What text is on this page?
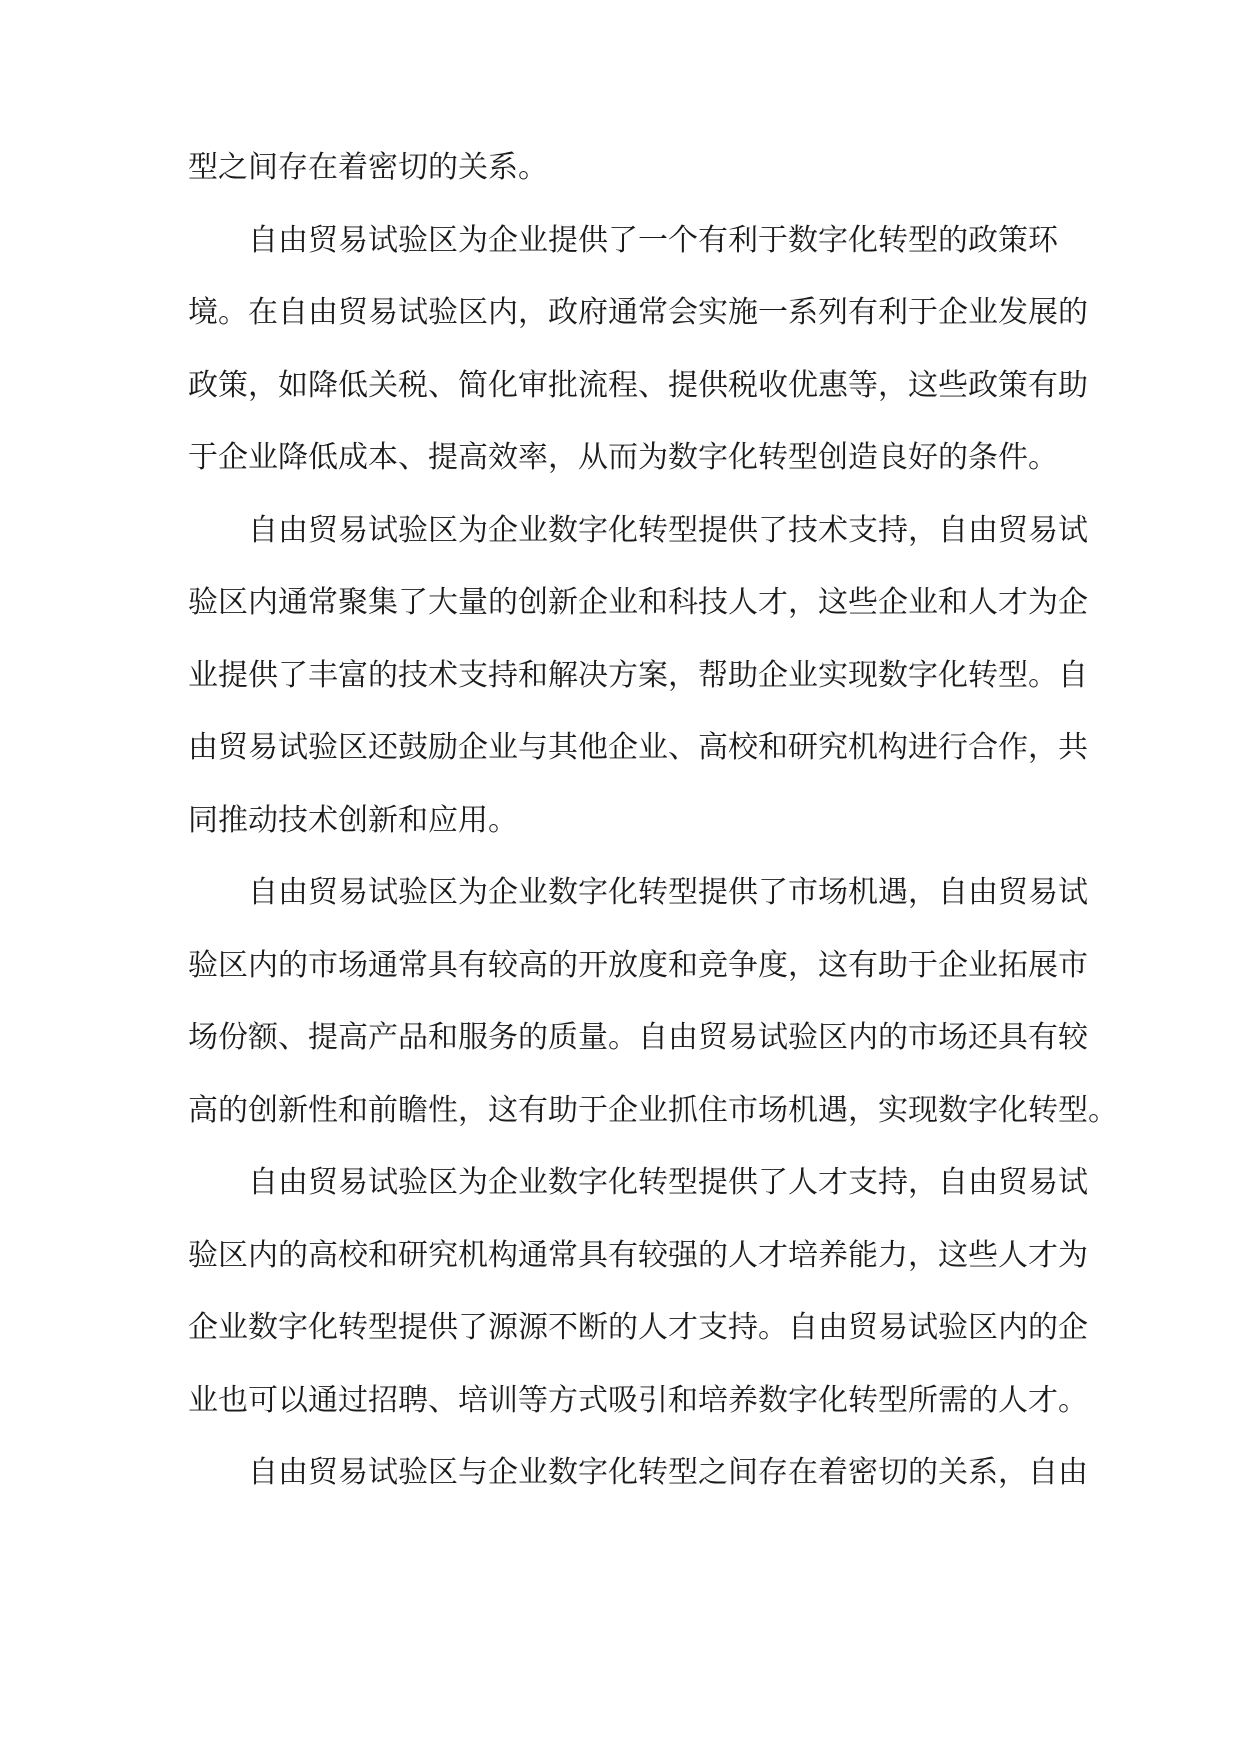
型之间存在着密切的关系。

自由贸易试验区为企业提供了一个有利于数字化转型的政策环
境。在自由贸易试验区内，政府通常会实施一系列有利于企业发展的
政策，如降低关税、简化审批流程、提供税收优惠等，这些政策有助
于企业降低成本、提高效率，从而为数字化转型创造良好的条件。

自由贸易试验区为企业数字化转型提供了技术支持，自由贸易试
验区内通常聚集了大量的创新企业和科技人才，这些企业和人才为企
业提供了丰富的技术支持和解决方案，帮助企业实现数字化转型。自
由贸易试验区还鼓励企业与其他企业、高校和研究机构进行合作，共
同推动技术创新和应用。

自由贸易试验区为企业数字化转型提供了市场机遇，自由贸易试
验区内的市场通常具有较高的开放度和竞争度，这有助于企业拓展市
场份额、提高产品和服务的质量。自由贸易试验区内的市场还具有较
高的创新性和前瞻性，这有助于企业抓住市场机遇，实现数字化转型。

自由贸易试验区为企业数字化转型提供了人才支持，自由贸易试
验区内的高校和研究机构通常具有较强的人才培养能力，这些人才为
企业数字化转型提供了源源不断的人才支持。自由贸易试验区内的企
业也可以通过招聘、培训等方式吸引和培养数字化转型所需的人才。

自由贸易试验区与企业数字化转型之间存在着密切的关系，自由
